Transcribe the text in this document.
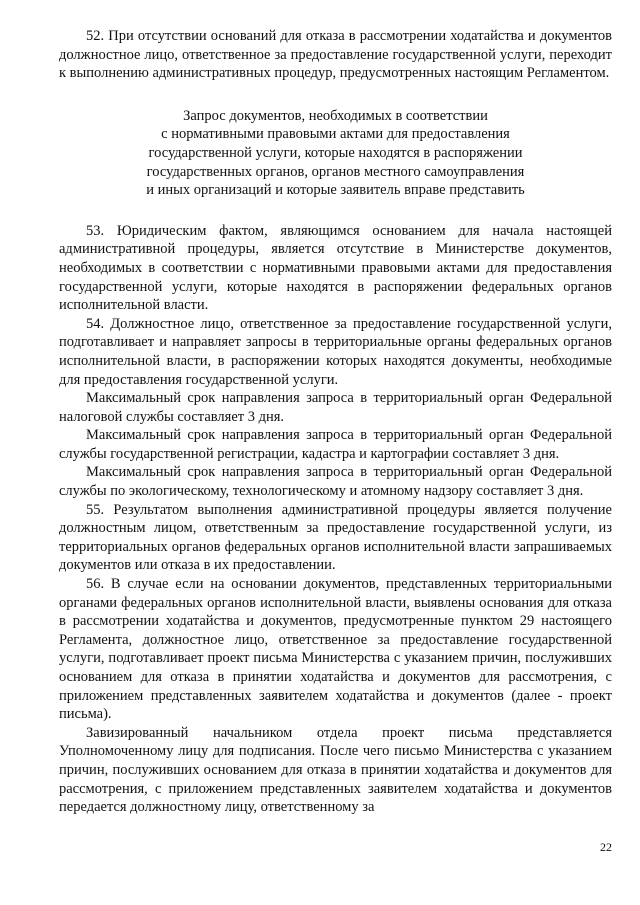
52. При отсутствии оснований для отказа в рассмотрении ходатайства и документов должностное лицо, ответственное за предоставление государственной услуги, переходит к выполнению административных процедур, предусмотренных настоящим Регламентом.

Запрос документов, необходимых в соответствии
с нормативными правовыми актами для предоставления
государственной услуги, которые находятся в распоряжении
государственных органов, органов местного самоуправления
и иных организаций и которые заявитель вправе представить

53. Юридическим фактом, являющимся основанием для начала настоящей административной процедуры, является отсутствие в Министерстве документов, необходимых в соответствии с нормативными правовыми актами для предоставления государственной услуги, которые находятся в распоряжении федеральных органов исполнительной власти.

54. Должностное лицо, ответственное за предоставление государственной услуги, подготавливает и направляет запросы в территориальные органы федеральных органов исполнительной власти, в распоряжении которых находятся документы, необходимые для предоставления государственной услуги.

Максимальный срок направления запроса в территориальный орган Федеральной налоговой службы составляет 3 дня.

Максимальный срок направления запроса в территориальный орган Федеральной службы государственной регистрации, кадастра и картографии составляет 3 дня.

Максимальный срок направления запроса в территориальный орган Федеральной службы по экологическому, технологическому и атомному надзору составляет 3 дня.

55. Результатом выполнения административной процедуры является получение должностным лицом, ответственным за предоставление государственной услуги, из территориальных органов федеральных органов исполнительной власти запрашиваемых документов или отказа в их предоставлении.

56. В случае если на основании документов, представленных территориальными органами федеральных органов исполнительной власти, выявлены основания для отказа в рассмотрении ходатайства и документов, предусмотренные пунктом 29 настоящего Регламента, должностное лицо, ответственное за предоставление государственной услуги, подготавливает проект письма Министерства с указанием причин, послуживших основанием для отказа в принятии ходатайства и документов для рассмотрения, с приложением представленных заявителем ходатайства и документов (далее - проект письма).

Завизированный начальником отдела проект письма представляется Уполномоченному лицу для подписания. После чего письмо Министерства с указанием причин, послуживших основанием для отказа в принятии ходатайства и документов для рассмотрения, с приложением представленных заявителем ходатайства и документов передается должностному лицу, ответственному за

22
